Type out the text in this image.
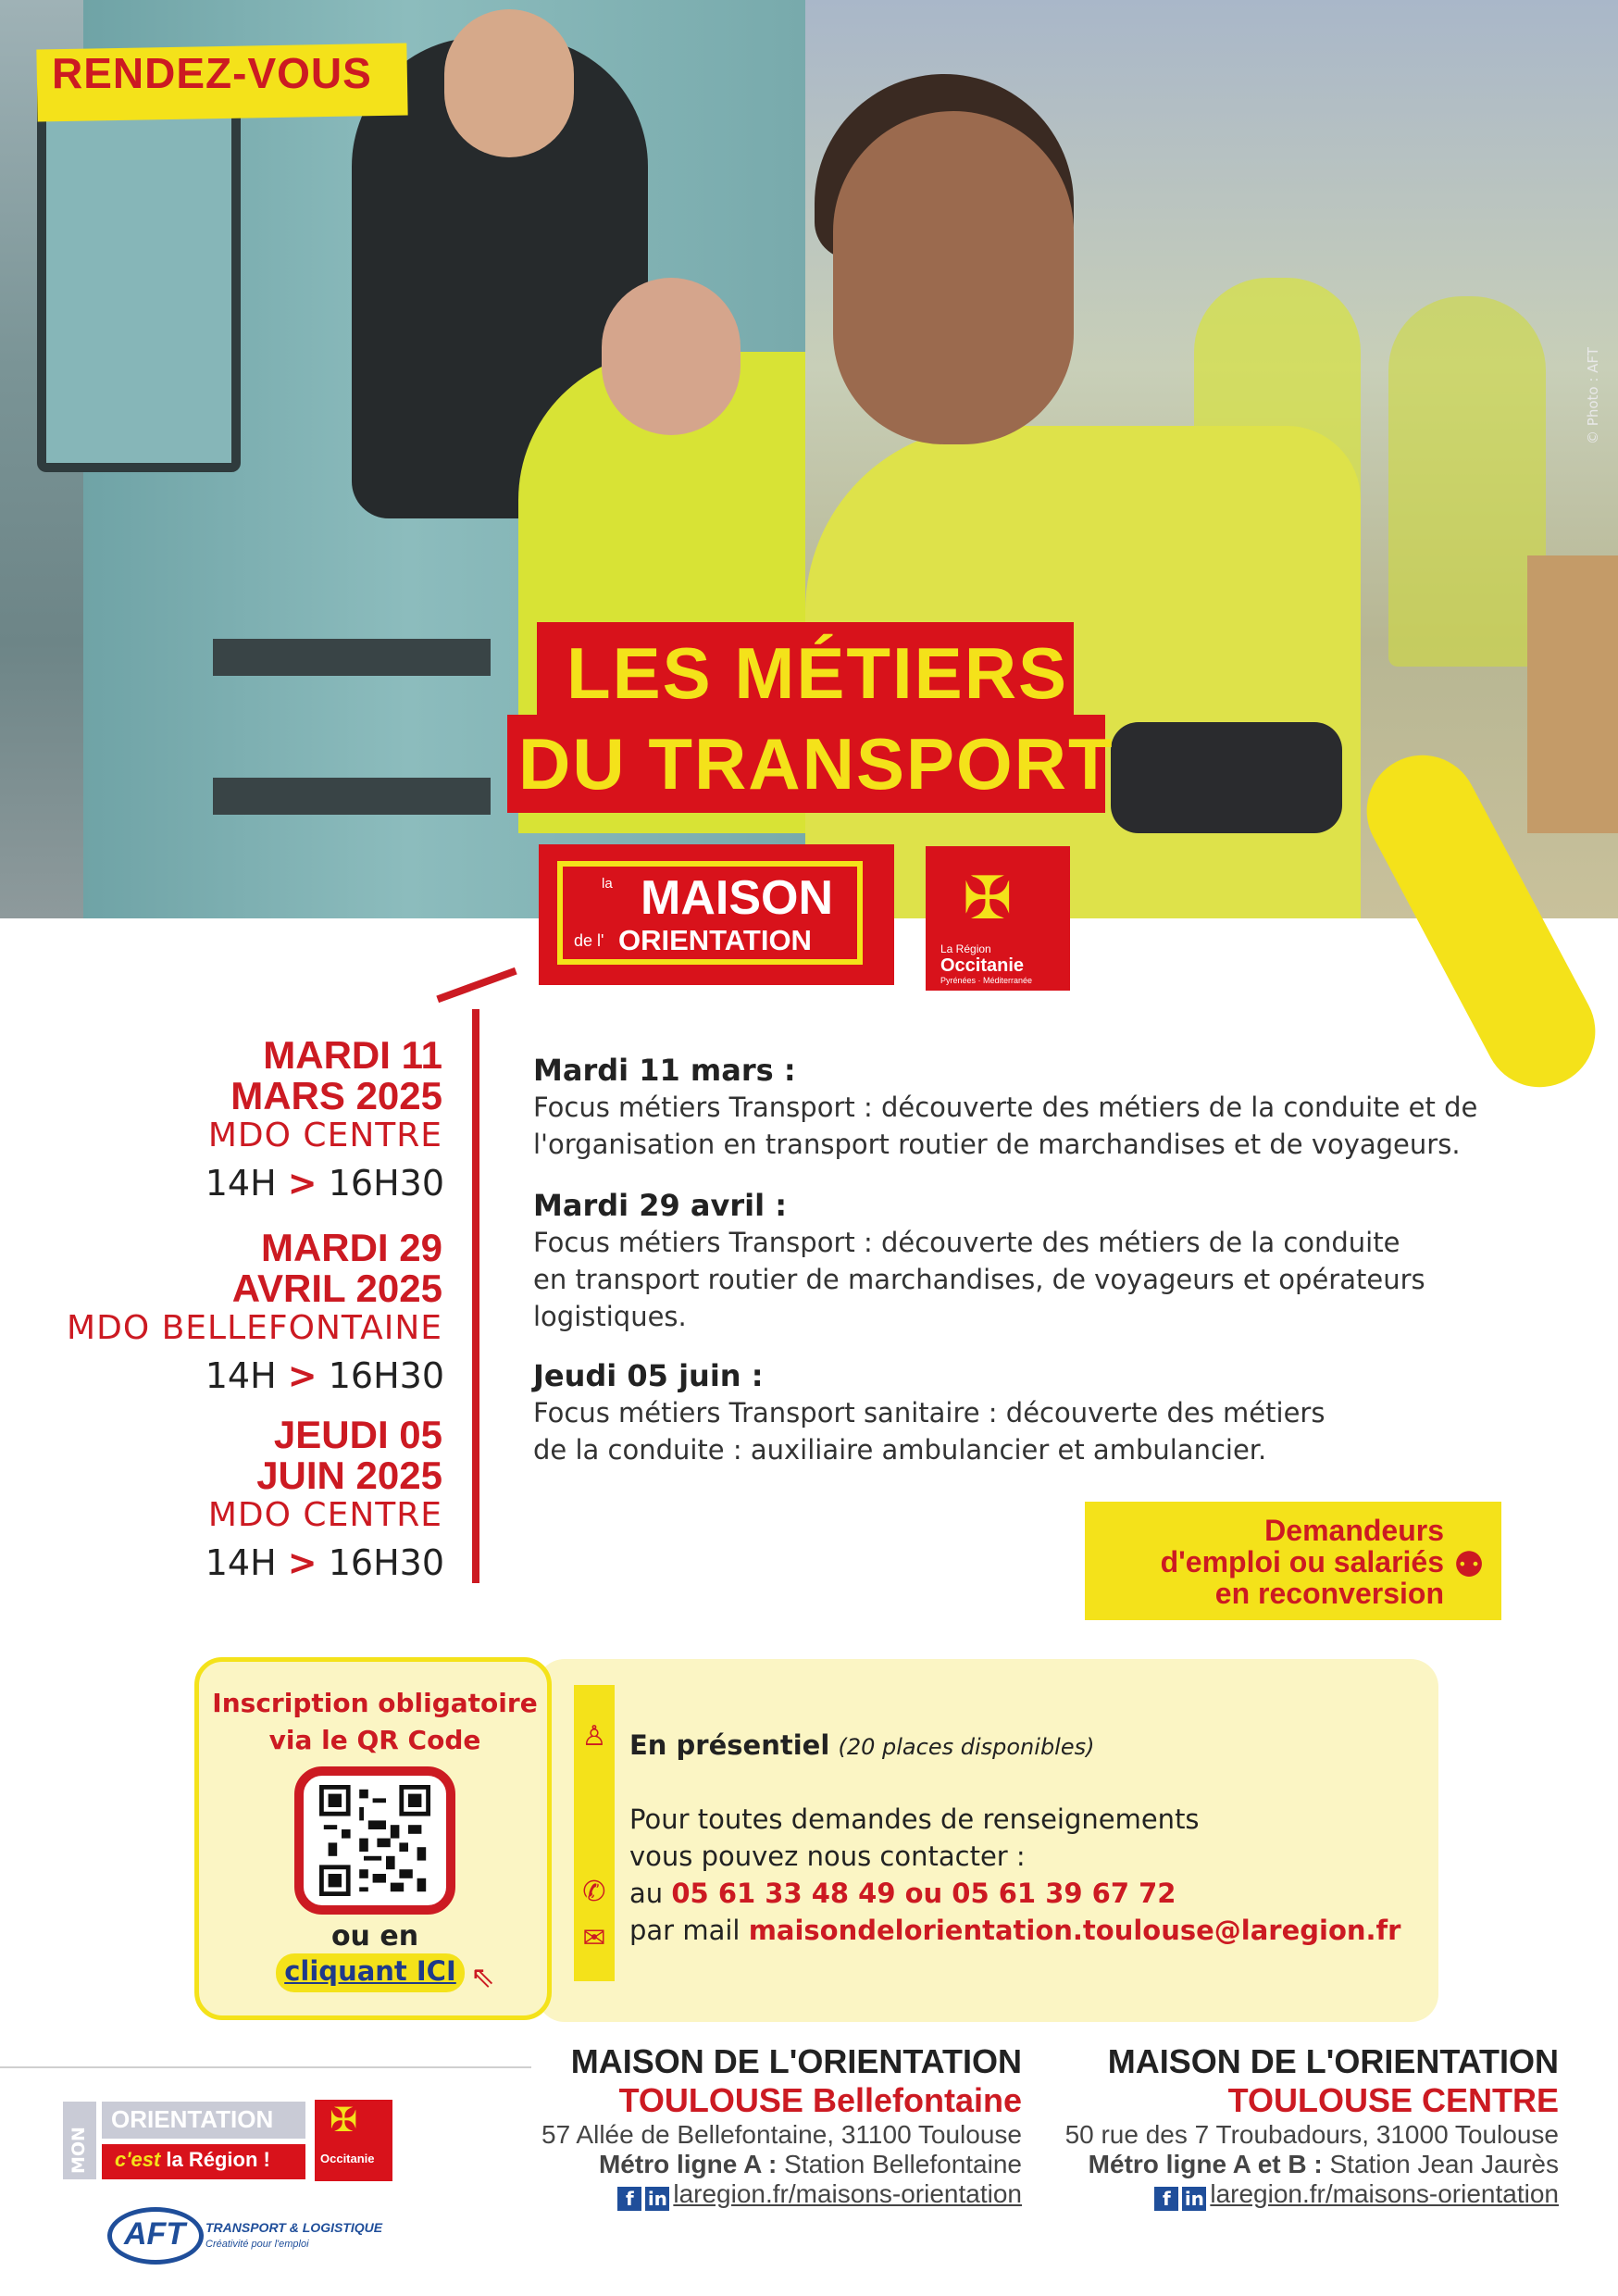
© Photo : AFT
RENDEZ-VOUS
LES MÉTIERS
DU TRANSPORT
la MAISON
de l' ORIENTATION
✠
La Région
Occitanie
Pyrénées · Méditerranée
MARDI 11
MARS 2025
MDO CENTRE
14H > 16H30
MARDI 29
AVRIL 2025
MDO BELLEFONTAINE
14H > 16H30
JEUDI 05
JUIN 2025
MDO CENTRE
14H > 16H30
Mardi 11 mars :
Focus métiers Transport : découverte des métiers de la conduite et de
l'organisation en transport routier de marchandises et de voyageurs.
Mardi 29 avril :
Focus métiers Transport : découverte des métiers de la conduite
en transport routier de marchandises, de voyageurs et opérateurs
logistiques.
Jeudi 05 juin :
Focus métiers Transport sanitaire : découverte des métiers
de la conduite : auxiliaire ambulancier et ambulancier.
Demandeurs
d'emploi ou salariés
en reconversion
⚉
Inscription obligatoire
via le QR Code
ou en
cliquant ICI ⇖
♙
✆
✉
En présentiel (20 places disponibles)
Pour toutes demandes de renseignements
vous pouvez nous contacter :
au 05 61 33 48 49 ou 05 61 39 67 72
par mail maisondelorientation.toulouse@laregion.fr
MON
ORIENTATION
c'est la Région !
✠
Occitanie
AFT TRANSPORT & LOGISTIQUE
Créativité pour l'emploi
MAISON DE L'ORIENTATION
TOULOUSE Bellefontaine
57 Allée de Bellefontaine, 31100 Toulouse
Métro ligne A : Station Bellefontaine
f in laregion.fr/maisons-orientation
MAISON DE L'ORIENTATION
TOULOUSE CENTRE
50 rue des 7 Troubadours, 31000 Toulouse
Métro ligne A et B : Station Jean Jaurès
f in laregion.fr/maisons-orientation
